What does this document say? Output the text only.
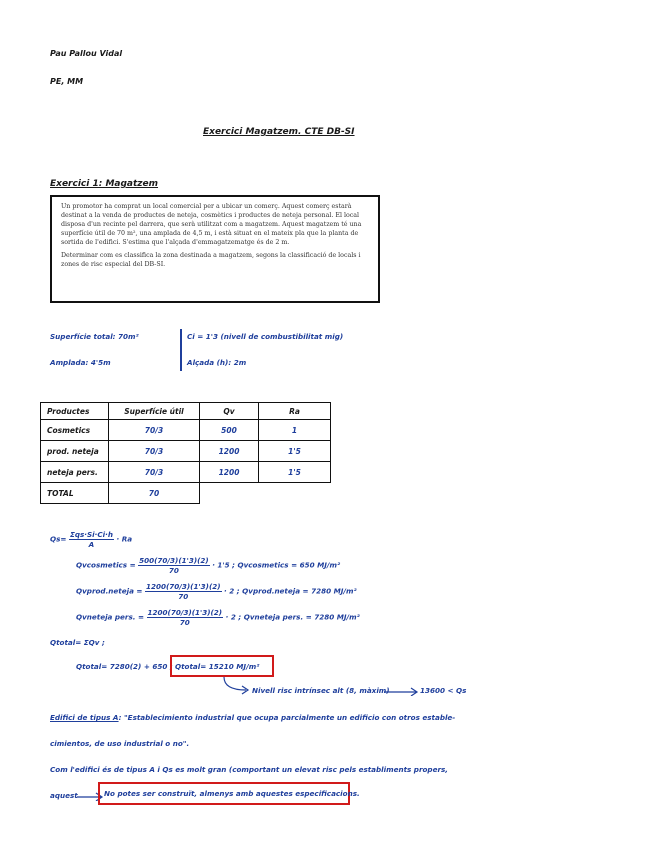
Pau Pallou Vidal
PE, MM
Exercici Magatzem. CTE DB-SI
Exercici 1: Magatzem

Un promotor ha comprat un local comercial per a ubicar un comerç. Aquest comerç estarà destinat a la venda de productes de neteja, cosmètics i productes de neteja personal. El local disposa d'un recinte pel darrera, que serà utilitzat com a magatzem. Aquest magatzem té una superfície útil de 70 m², una amplada de 4,5 m, i està situat en el mateix pla que la planta de sortida de l'edifici. S'estima que l'alçada d'emmagatzematge és de 2 m.

Determinar com es classifica la zona destinada a magatzem, segons la classificació de locals i zones de risc especial del DB-SI.

Superfície total: 70m²
Amplada: 4'5m
Ci = 1'3 (nivell de combustibilitat mig)
Alçada (h): 2m
Productes	Superfície útil	Qv	Ra
Cosmetics	70/3	500	1
prod. neteja	70/3	1200	1'5
neteja pers.	70/3	1200	1'5
TOTAL	70		
$Qs= \frac{\text{Σqs·Si·Ci·h}}{A} \cdot Ra$
Qvcosmetics = $\frac{500(70/3)(1'3)(2)}{70} \cdot 1'5$ ; Qvcosmetics = 650 MJ/m²
Qvprod.neteja = $\frac{1200(70/3)(1'3)(2)}{70} \cdot 2$ ; Qvprod.neteja = 7280 MJ/m²
Qvneteja pers. = $\frac{1200(70/3)(1'3)(2)}{70} \cdot 2$ ; Qvneteja pers. = 7280 MJ/m²
Qtotal= ΣQv ;
Qtotal= 7280(2) + 650 ; Qtotal= 15210 MJ/m²
Nivell risc intrínsec alt (8, màxim)	13600 < Qs
Edifici de tipus A: "Establecimiento industrial que ocupa parcialmente un edificio con otros estable-
cimientos, de uso industrial o no".
Com l'edifici és de tipus A i Qs es molt gran (comportant un elevat risc pels establiments propers,
aquest	No potes ser construït, almenys amb aquestes especificacions.
